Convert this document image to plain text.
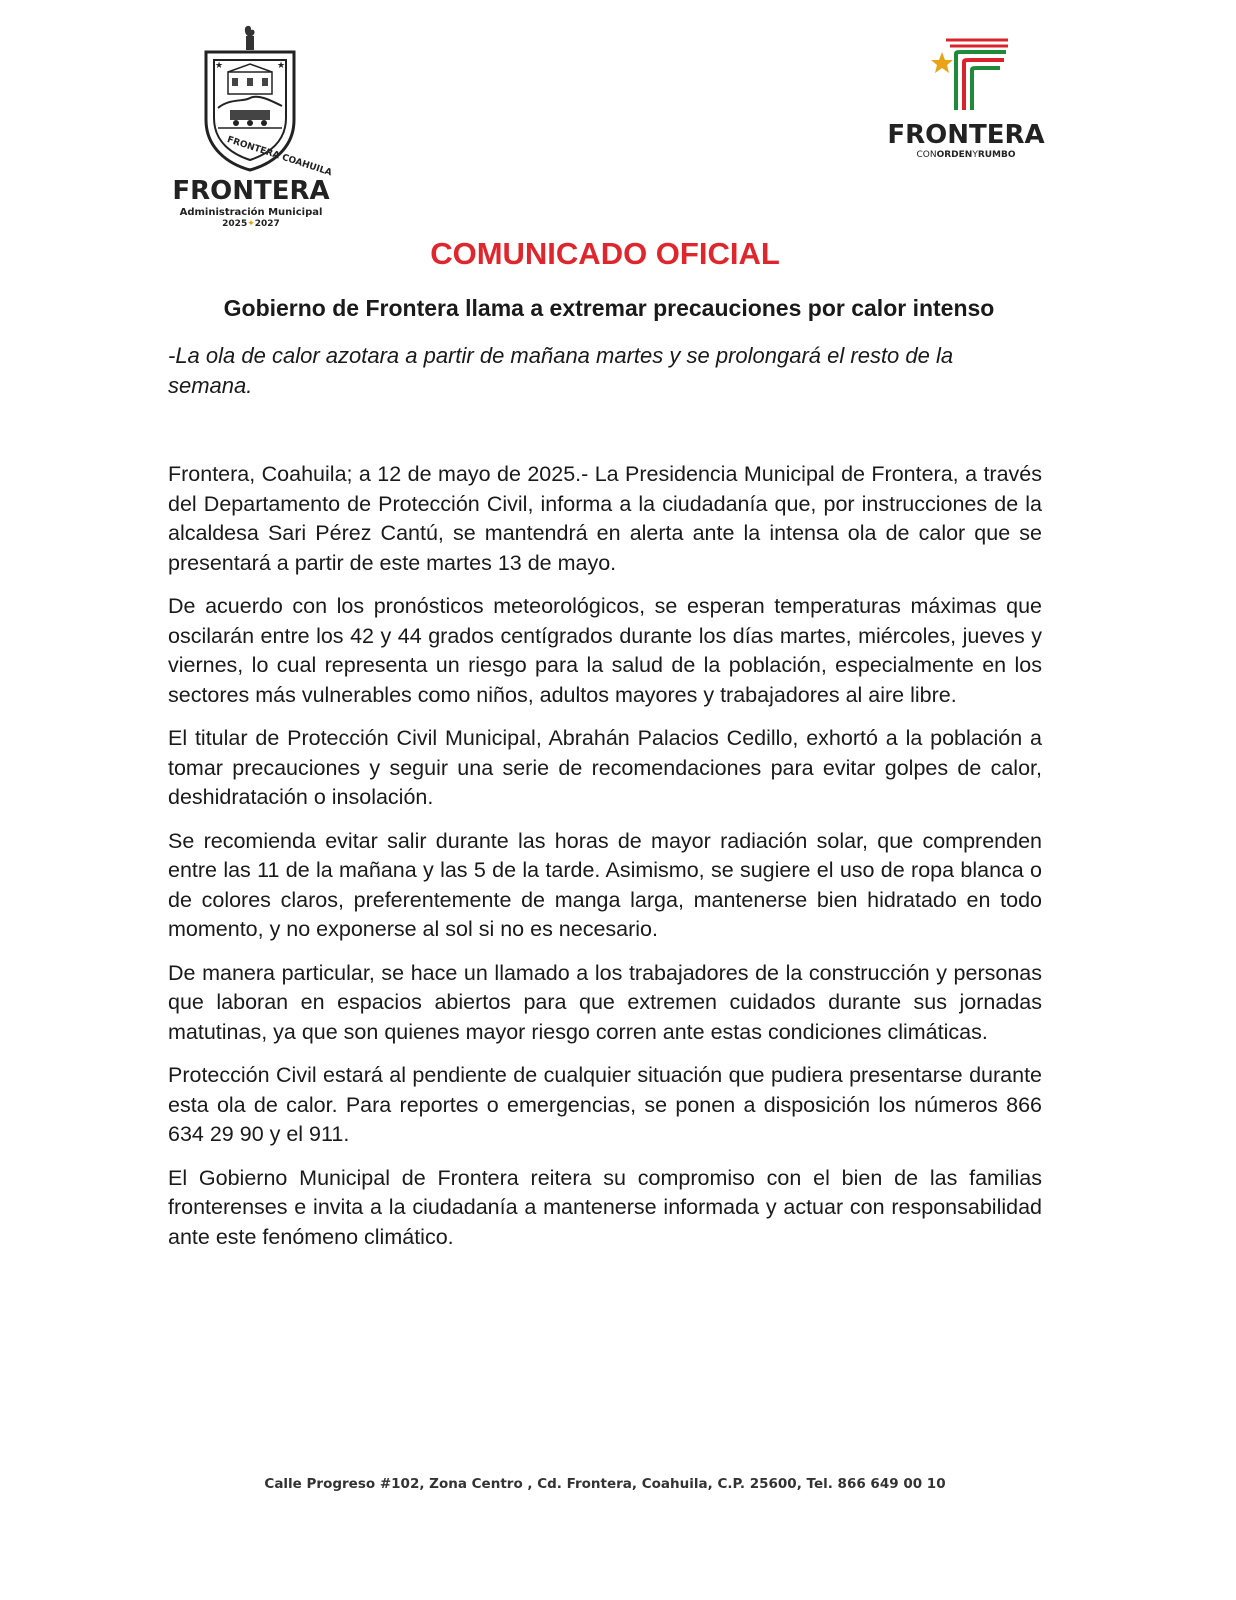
★	★
FRONTERA COAHUILA
FRONTERA
Administración Municipal
2025✦2027
FRONTERA
CONORDENYRUMBO
COMUNICADO OFICIAL
Gobierno de Frontera llama a extremar precauciones por calor intenso
-La ola de calor azotara a partir de mañana martes y se prolongará el resto de la semana.

Frontera, Coahuila; a 12 de mayo de 2025.- La Presidencia Municipal de Frontera, a través del Departamento de Protección Civil, informa a la ciudadanía que, por instrucciones de la alcaldesa Sari Pérez Cantú, se mantendrá en alerta ante la intensa ola de calor que se presentará a partir de este martes 13 de mayo.

De acuerdo con los pronósticos meteorológicos, se esperan temperaturas máximas que oscilarán entre los 42 y 44 grados centígrados durante los días martes, miércoles, jueves y viernes, lo cual representa un riesgo para la salud de la población, especialmente en los sectores más vulnerables como niños, adultos mayores y trabajadores al aire libre.

El titular de Protección Civil Municipal, Abrahán Palacios Cedillo, exhortó a la población a tomar precauciones y seguir una serie de recomendaciones para evitar golpes de calor, deshidratación o insolación.

Se recomienda evitar salir durante las horas de mayor radiación solar, que comprenden entre las 11 de la mañana y las 5 de la tarde. Asimismo, se sugiere el uso de ropa blanca o de colores claros, preferentemente de manga larga, mantenerse bien hidratado en todo momento, y no exponerse al sol si no es necesario.

De manera particular, se hace un llamado a los trabajadores de la construcción y personas que laboran en espacios abiertos para que extremen cuidados durante sus jornadas matutinas, ya que son quienes mayor riesgo corren ante estas condiciones climáticas.

Protección Civil estará al pendiente de cualquier situación que pudiera presentarse durante esta ola de calor. Para reportes o emergencias, se ponen a disposición los números 866 634 29 90 y el 911.

El Gobierno Municipal de Frontera reitera su compromiso con el bien de las familias fronterenses e invita a la ciudadanía a mantenerse informada y actuar con responsabilidad ante este fenómeno climático.

Calle Progreso #102, Zona Centro , Cd. Frontera, Coahuila, C.P. 25600, Tel. 866 649 00 10
